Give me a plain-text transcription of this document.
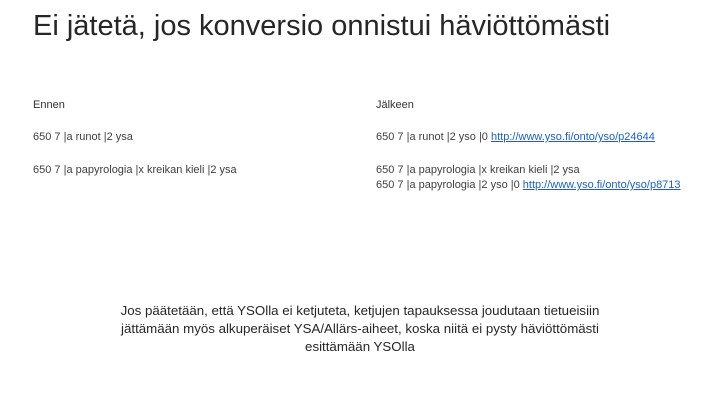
Ei jätetä, jos konversio onnistui häviöttömästi
Ennen	Jälkeen
650 7 |a runot |2 ysa	650 7 |a runot |2 yso |0 http://www.yso.fi/onto/yso/p24644
650 7 |a papyrologia |x kreikan kieli |2 ysa	650 7 |a papyrologia |x kreikan kieli |2 ysa
650 7 |a papyrologia |2 yso |0 http://www.yso.fi/onto/yso/p8713
Jos päätetään, että YSOlla ei ketjuteta, ketjujen tapauksessa joudutaan tietueisiin jättämään myös alkuperäiset YSA/Allärs-aiheet, koska niitä ei pysty häviöttömästi esittämään YSOlla
